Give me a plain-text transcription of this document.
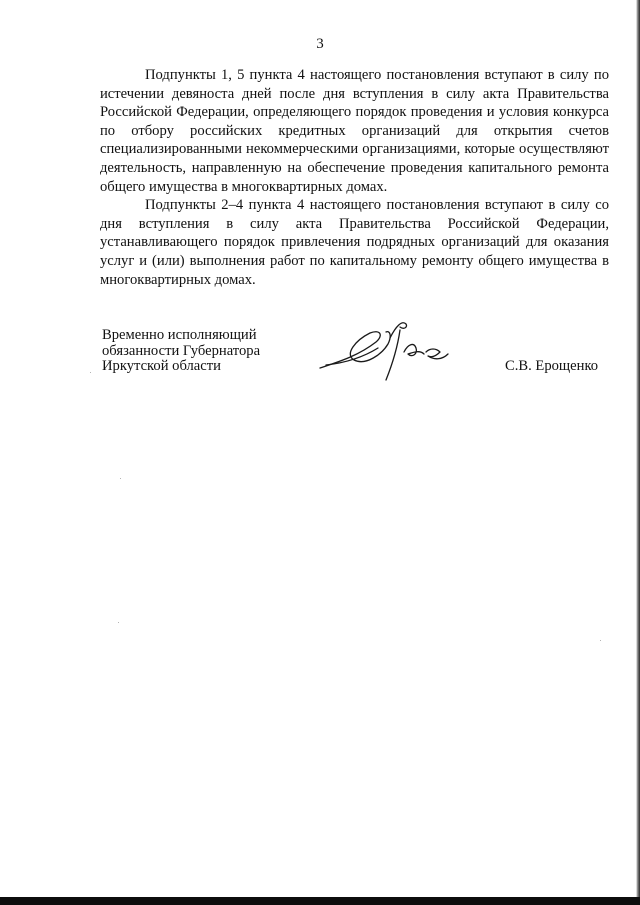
3

Подпункты 1, 5 пункта 4 настоящего постановления вступают в силу по истечении девяноста дней после дня вступления в силу акта Правительства Российской Федерации, определяющего порядок проведения и условия конкурса по отбору российских кредитных организаций для открытия счетов специализированными некоммерческими организациями, которые осуществляют деятельность, направленную на обеспечение проведения капитального ремонта общего имущества в многоквартирных домах.

Подпункты 2–4 пункта 4 настоящего постановления вступают в силу со дня вступления в силу акта Правительства Российской Федерации, устанавливающего порядок привлечения подрядных организаций для оказания услуг и (или) выполнения работ по капитальному ремонту общего имущества в многоквартирных домах.

Временно исполняющий
обязанности Губернатора
Иркутской области	С.В. Ерощенко
